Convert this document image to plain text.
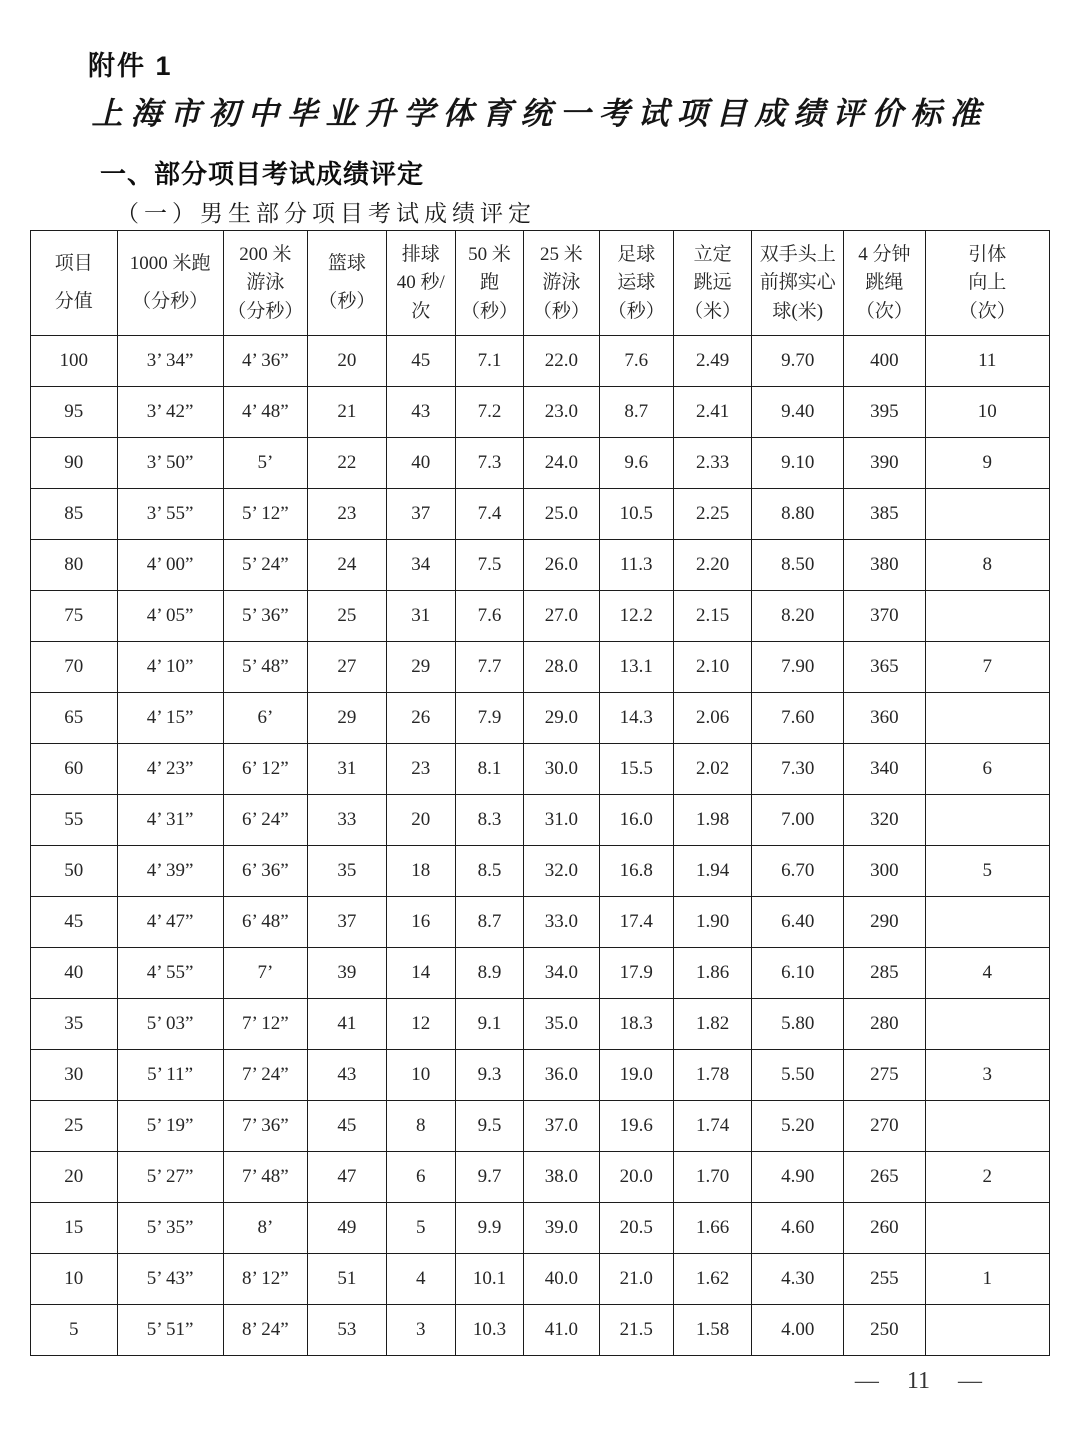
附件 1
上海市初中毕业升学体育统一考试项目成绩评价标准
一、部分项目考试成绩评定
（一）男生部分项目考试成绩评定
项目
分值

1000 米跑
（分秒）

200 米
游泳
（分秒）

篮球
（秒）

排球
40 秒/
次

50 米
跑
（秒）

25 米
游泳
（秒）

足球
运球
（秒）

立定
跳远
（米）

双手头上
前掷实心
球(米)

4 分钟
跳绳
（次）

引体
向上
（次）

100	3’ 34”	4’ 36”	20	45	7.1	22.0	7.6	2.49	9.70	400	11
95	3’ 42”	4’ 48”	21	43	7.2	23.0	8.7	2.41	9.40	395	10
90	3’ 50”	5’	22	40	7.3	24.0	9.6	2.33	9.10	390	9
85	3’ 55”	5’ 12”	23	37	7.4	25.0	10.5	2.25	8.80	385	
80	4’ 00”	5’ 24”	24	34	7.5	26.0	11.3	2.20	8.50	380	8
75	4’ 05”	5’ 36”	25	31	7.6	27.0	12.2	2.15	8.20	370	
70	4’ 10”	5’ 48”	27	29	7.7	28.0	13.1	2.10	7.90	365	7
65	4’ 15”	6’	29	26	7.9	29.0	14.3	2.06	7.60	360	
60	4’ 23”	6’ 12”	31	23	8.1	30.0	15.5	2.02	7.30	340	6
55	4’ 31”	6’ 24”	33	20	8.3	31.0	16.0	1.98	7.00	320	
50	4’ 39”	6’ 36”	35	18	8.5	32.0	16.8	1.94	6.70	300	5
45	4’ 47”	6’ 48”	37	16	8.7	33.0	17.4	1.90	6.40	290	
40	4’ 55”	7’	39	14	8.9	34.0	17.9	1.86	6.10	285	4
35	5’ 03”	7’ 12”	41	12	9.1	35.0	18.3	1.82	5.80	280	
30	5’ 11”	7’ 24”	43	10	9.3	36.0	19.0	1.78	5.50	275	3
25	5’ 19”	7’ 36”	45	8	9.5	37.0	19.6	1.74	5.20	270	
20	5’ 27”	7’ 48”	47	6	9.7	38.0	20.0	1.70	4.90	265	2
15	5’ 35”	8’	49	5	9.9	39.0	20.5	1.66	4.60	260	
10	5’ 43”	8’ 12”	51	4	10.1	40.0	21.0	1.62	4.30	255	1
5	5’ 51”	8’ 24”	53	3	10.3	41.0	21.5	1.58	4.00	250	
— 11 —
